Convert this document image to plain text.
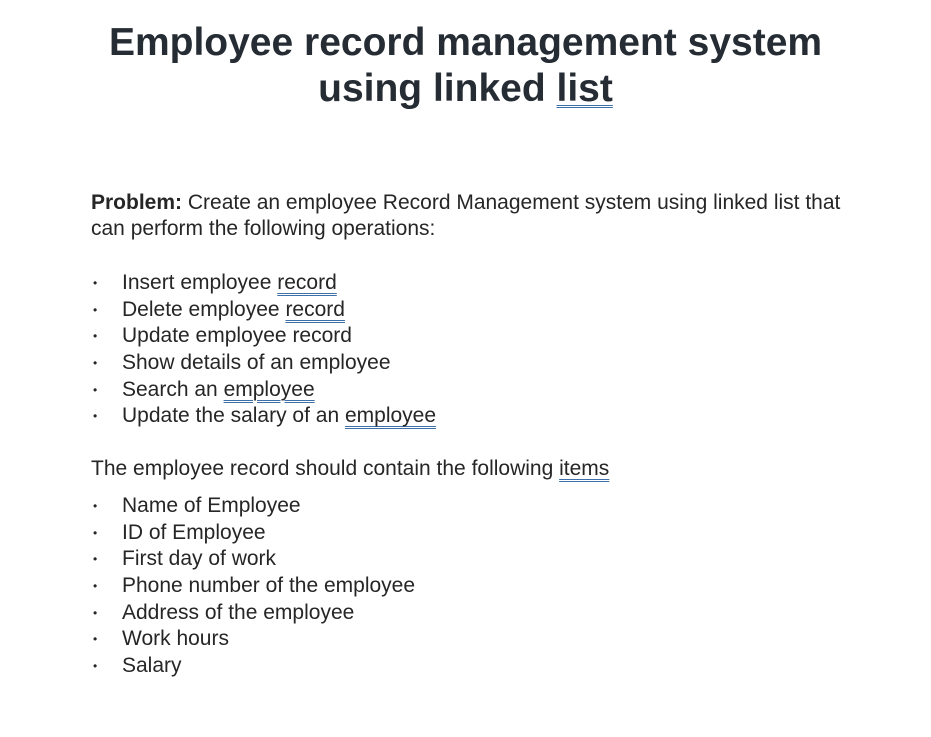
Employee record management system
using linked list

Problem: Create an employee Record Management system using linked list that can perform the following operations:

• Insert employee record
• Delete employee record
• Update employee record
• Show details of an employee
• Search an employee
• Update the salary of an employee

The employee record should contain the following items

• Name of Employee
• ID of Employee
• First day of work
• Phone number of the employee
• Address of the employee
• Work hours
• Salary
